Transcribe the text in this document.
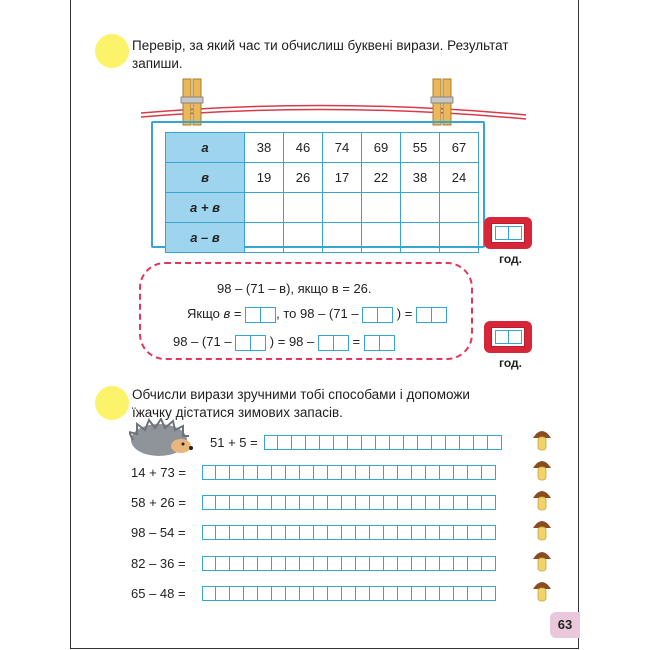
Перевір, за який час ти обчислиш буквені вирази. Результат
запиши.
а	38	46	74	69	55	67
в	19	26	17	22	38	24
а + в						
а – в						
год.
98 – (71 – в), якщо в = 26.
Якщо в =	, то 98 – (71 –	) =
98 – (71 –	) = 98 –	=
год.
Обчисли вирази зручними тобі способами і допоможи
їжачку дістатися зимових запасів.
51 + 5 =
14 + 73 =
58 + 26 =
98 – 54 =
82 – 36 =
65 – 48 =
63
